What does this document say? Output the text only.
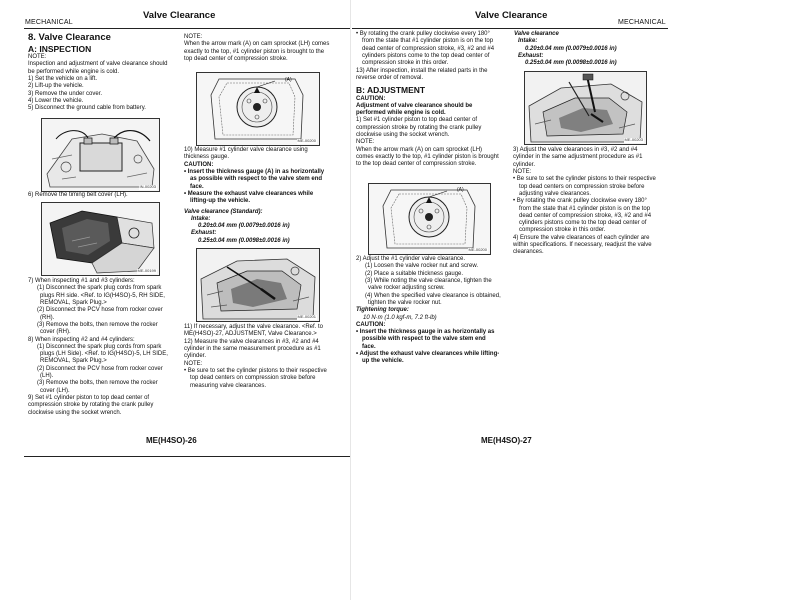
MECHANICAL
Valve Clearance

8. Valve Clearance

A: INSPECTION

NOTE:

Inspection and adjustment of valve clearance should be performed while engine is cold.

1) Set the vehicle on a lift.

2) Lift-up the vehicle.

3) Remove the under cover.

4) Lower the vehicle.

5) Disconnect the ground cable from battery.

IN-00203

6) Remove the timing belt cover (LH).

ME-00199

7) When inspecting #1 and #3 cylinders:

(1) Disconnect the spark plug cords from spark plugs RH side. <Ref. to IG(H4SO)-5, RH SIDE, REMOVAL, Spark Plug.>

(2) Disconnect the PCV hose from rocker cover (RH).

(3) Remove the bolts, then remove the rocker cover (RH).

8) When inspecting #2 and #4 cylinders:

(1) Disconnect the spark plug cords from spark plugs (LH Side). <Ref. to IG(H4SO)-5, LH SIDE, REMOVAL, Spark Plug.>

(2) Disconnect the PCV hose from rocker cover (LH).

(3) Remove the bolts, then remove the rocker cover (LH).

9) Set #1 cylinder piston to top dead center of compression stroke by rotating the crank pulley clockwise using the socket wrench.

NOTE:

When the arrow mark (A) on cam sprocket (LH) comes exactly to the top, #1 cylinder piston is brought to the top dead center of compression stroke.

(A)
ME-00200

10) Measure #1 cylinder valve clearance using thickness gauge.

CAUTION:

• Insert the thickness gauge (A) in as horizontally as possible with respect to the valve stem end face.

• Measure the exhaust valve clearances while lifting-up the vehicle.

Valve clearance (Standard):

Intake:

0.20±0.04 mm (0.0079±0.0016 in)

Exhaust:

0.25±0.04 mm (0.0098±0.0016 in)

ME-00201

11) If necessary, adjust the valve clearance. <Ref. to ME(H4SO)-27, ADJUSTMENT, Valve Clearance.>

12) Measure the valve clearances in #3, #2 and #4 cylinder in the same measurement procedure as #1 cylinder.

NOTE:

• Be sure to set the cylinder pistons to their respective top dead centers on compression stroke before measuring valve clearances.

ME(H4SO)-26
Valve Clearance
MECHANICAL

• By rotating the crank pulley clockwise every 180° from the state that #1 cylinder piston is on the top dead center of compression stroke, #3, #2 and #4 cylinders pistons come to the top dead center of compression stroke in this order.

13) After inspection, install the related parts in the reverse order of removal.

B: ADJUSTMENT

CAUTION:

Adjustment of valve clearance should be performed while engine is cold.

1) Set #1 cylinder piston to top dead center of compression stroke by rotating the crank pulley clockwise using the socket wrench.

NOTE:

When the arrow mark (A) on cam sprocket (LH) comes exactly to the top, #1 cylinder piston is brought to the top dead center of compression stroke.

(A)
ME-00200

2) Adjust the #1 cylinder valve clearance.

(1) Loosen the valve rocker nut and screw.

(2) Place a suitable thickness gauge.

(3) While noting the valve clearance, tighten the valve rocker adjusting screw.

(4) When the specified valve clearance is obtained, tighten the valve rocker nut.

Tightening torque:

10 N·m (1.0 kgf-m, 7.2 ft-lb)

CAUTION:

• Insert the thickness gauge in as horizontally as possible with respect to the valve stem end face.

• Adjust the exhaust valve clearances while lifting-up the vehicle.

Valve clearance

Intake:

0.20±0.04 mm (0.0079±0.0016 in)

Exhaust:

0.25±0.04 mm (0.0098±0.0016 in)

ME-00203

3) Adjust the valve clearances in #3, #2 and #4 cylinder in the same adjustment procedure as #1 cylinder.

NOTE:

• Be sure to set the cylinder pistons to their respective top dead centers on compression stroke before adjusting valve clearances.

• By rotating the crank pulley clockwise every 180° from the state that #1 cylinder piston is on the top dead center of compression stroke, #3, #2 and #4 cylinders pistons come to the top dead center of compression stroke in this order.

4) Ensure the valve clearances of each cylinder are within specifications. If necessary, readjust the valve clearances.

ME(H4SO)-27
